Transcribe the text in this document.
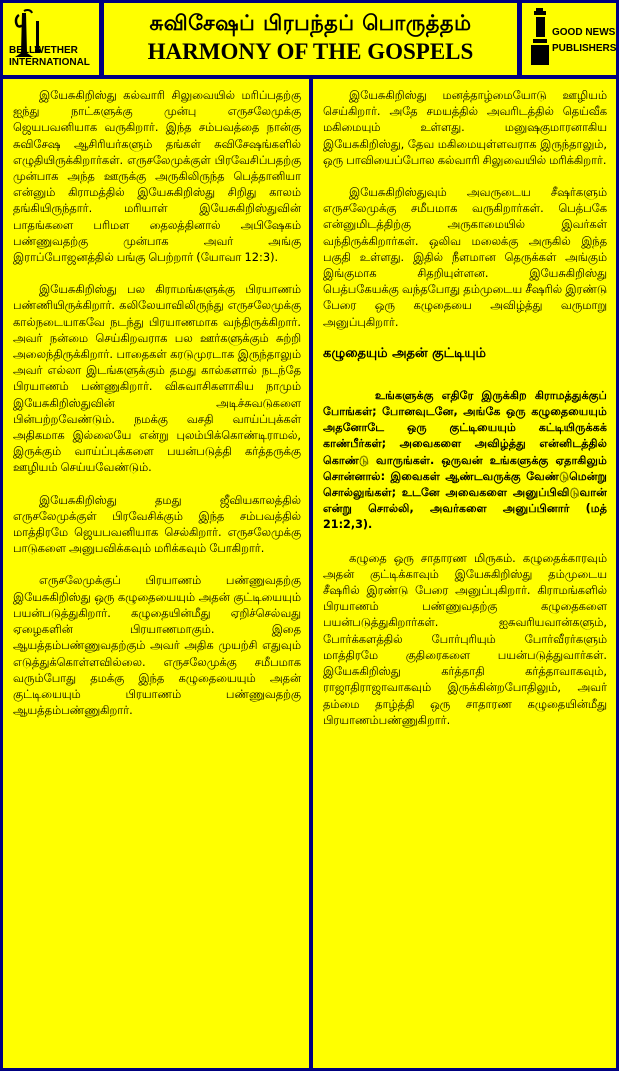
BELLWETHER
INTERNATIONAL
சுவிசேஷப் பிரபந்தப் பொருத்தம்
HARMONY OF THE GOSPELS
GOOD NEWS
PUBLISHERS

இயேசுகிறிஸ்து கல்வாரி சிலுவையில் மரிப்பதற்கு ஐந்து நாட்களுக்கு முன்பு எருசலேமுக்கு ஜெயபவனியாக வருகிறார். இந்த சம்பவத்தை நான்கு சுவிசேஷ ஆசிரியர்களும் தங்கள் சுவிசேஷங்களில் எழுதியிருக்கிறார்கள். எருசலேமுக்குள் பிரவேசிப்பதற்கு முன்பாக அந்த ஊருக்கு அருகிலிருந்த பெத்தானியா என்னும் கிராமத்தில் இயேசுகிறிஸ்து சிறிது காலம் தங்கியிருந்தார். மரியாள் இயேசுகிறிஸ்துவின் பாதங்களை பரிமள தைலத்தினால் அபிஷேகம் பண்ணுவதற்கு முன்பாக அவர் அங்கு இராப்போஜனத்தில் பங்கு பெற்றார் (யோவா 12:3).

இயேசுகிறிஸ்து பல கிராமங்களுக்கு பிரயாணம் பண்ணியிருக்கிறார். கலிலேயாவிலிருந்து எருசலேமுக்கு கால்நடையாகவே நடந்து பிரயாணமாக வந்திருக்கிறார். அவர் நன்மை செய்கிறவராக பல ஊர்களுக்கும் சுற்றி அலைந்திருக்கிறார். பாதைகள் கரடுமுரடாக இருந்தாலும் அவர் எல்லா இடங்களுக்கும் தமது கால்களால் நடந்தே பிரயாணம் பண்ணுகிறார். விசுவாசிகளாகிய நாமும் இயேசுகிறிஸ்துவின் அடிச்சுவடுகளை பின்பற்றவேண்டும். நமக்கு வசதி வாய்ப்புக்கள் அதிகமாக இல்லையே என்று புலம்பிக்கொண்டிராமல், இருக்கும் வாய்ப்புக்களை பயன்படுத்தி கர்த்தருக்கு ஊழியம் செய்யவேண்டும்.

இயேசுகிறிஸ்து தமது ஜீவியகாலத்தில் எருசலேமுக்குள் பிரவேசிக்கும் இந்த சம்பவத்தில் மாத்திரமே ஜெயபவனியாக செல்கிறார். எருசலேமுக்கு பாடுகளை அனுபவிக்கவும் மரிக்கவும் போகிறார்.

எருசலேமுக்குப் பிரயாணம் பண்ணுவதற்கு இயேசுகிறிஸ்து ஒரு கழுதையையும் அதன் குட்டியையும் பயன்படுத்துகிறார். கழுதையின்மீது ஏறிச்செல்வது ஏழைகளின் பிரயாணமாகும். இதை ஆயத்தம்பண்ணுவதற்கும் அவர் அதிக முயற்சி எதுவும் எடுத்துக்கொள்ளவில்லை. எருசலேமுக்கு சமீபமாக வரும்போது தமக்கு இந்த கழுதையையும் அதன் குட்டியையும் பிரயாணம் பண்ணுவதற்கு ஆயத்தம்பண்ணுகிறார்.

இயேசுகிறிஸ்து மனத்தாழ்மையோடு ஊழியம் செய்கிறார். அதே சமயத்தில் அவரிடத்தில் தெய்வீக மகிமையும் உள்ளது. மனுஷகுமாரனாகிய இயேசுகிறிஸ்து, தேவ மகிமையுள்ளவராக இருந்தாலும், ஒரு பாவியைப்போல கல்வாரி சிலுவையில் மரிக்கிறார்.

இயேசுகிறிஸ்துவும் அவருடைய சீஷர்களும் எருசலேமுக்கு சமீபமாக வருகிறார்கள். பெத்பகே என்னுமிடத்திற்கு அருகாமையில் இவர்கள் வந்திருக்கிறார்கள். ஒலிவ மலைக்கு அருகில் இந்த பகுதி உள்ளது. இதில் நீளமான தெருக்கள் அங்கும் இங்குமாக சிதறியுள்ளன. இயேசுகிறிஸ்து பெத்பகேயக்கு வந்தபோது தம்முடைய சீஷரில் இரண்டு பேரை ஒரு கழுதையை அவிழ்த்து வருமாறு அனுப்புகிறார்.

கழுதையும் அதன் குட்டியும்

உங்களுக்கு எதிரே இருக்கிற கிராமத்துக்குப் போங்கள்; போனவுடனே, அங்கே ஒரு கழுதையையும் அதனோடே ஒரு குட்டியையும் கட்டியிருக்கக் காண்பீர்கள்; அவைகளை அவிழ்த்து என்னிடத்தில் கொண்டு வாருங்கள். ஒருவன் உங்களுக்கு ஏதாகிலும் சொன்னால்: இவைகள் ஆண்டவருக்கு வேண்டுமென்று சொல்லுங்கள்; உடனே அவைகளை அனுப்பிவிடுவான் என்று சொல்லி, அவர்களை அனுப்பினார் (மத் 21:2,3).

கழுதை ஒரு சாதாரண மிருகம். கழுதைக்காரவும் அதன் குட்டிக்காவும் இயேசுகிறிஸ்து தம்முடைய சீஷரில் இரண்டு பேரை அனுப்புகிறார். கிராமங்களில் பிரயாணம் பண்ணுவதற்கு கழுதைகளை பயன்படுத்துகிறார்கள். ஐசுவரியவான்களும், போர்க்களத்தில் போர்புரியும் போர்வீரர்களும் மாத்திரமே குதிரைகளை பயன்படுத்துவார்கள். இயேசுகிறிஸ்து கர்த்தாதி கர்த்தாவாகவும், ராஜாதிராஜாவாகவும் இருக்கின்றபோதிலும், அவர் தம்மை தாழ்த்தி ஒரு சாதாரண கழுதையின்மீது பிரயாணம்பண்ணுகிறார்.
